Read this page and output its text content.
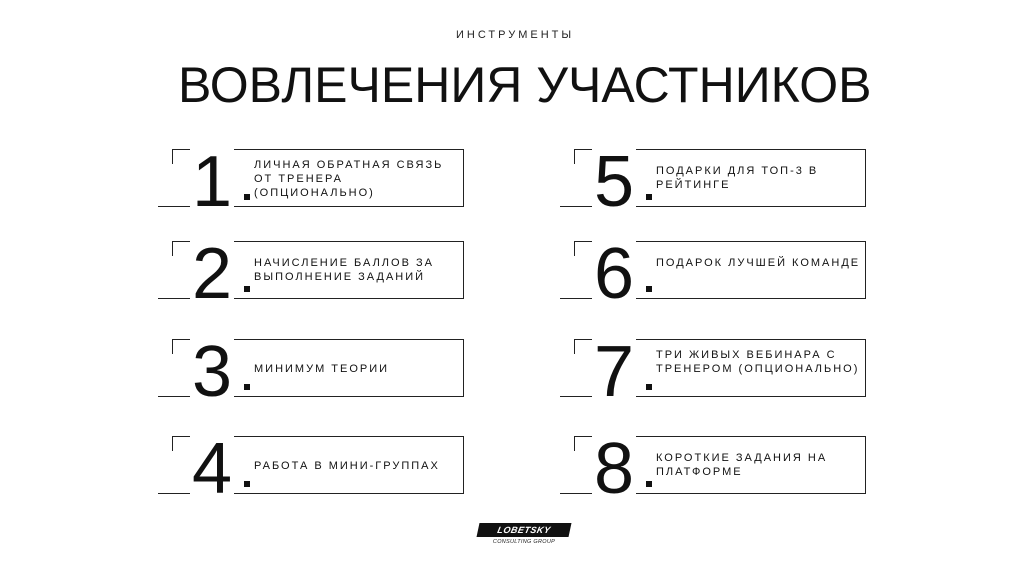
ИНСТРУМЕНТЫ
ВОВЛЕЧЕНИЯ УЧАСТНИКОВ
1 ЛИЧНАЯ ОБРАТНАЯ СВЯЗЬ ОТ ТРЕНЕРА (ОПЦИОНАЛЬНО)
2 НАЧИСЛЕНИЕ БАЛЛОВ ЗА ВЫПОЛНЕНИЕ ЗАДАНИЙ
3 МИНИМУМ ТЕОРИИ
4 РАБОТА В МИНИ-ГРУППАХ
5 ПОДАРКИ ДЛЯ ТОП-3 В РЕЙТИНГЕ
6 ПОДАРОК ЛУЧШЕЙ КОМАНДЕ
7 ТРИ ЖИВЫХ ВЕБИНАРА С ТРЕНЕРОМ (ОПЦИОНАЛЬНО)
8 КОРОТКИЕ ЗАДАНИЯ НА ПЛАТФОРМЕ
LOBETSKY
CONSULTING GROUP
